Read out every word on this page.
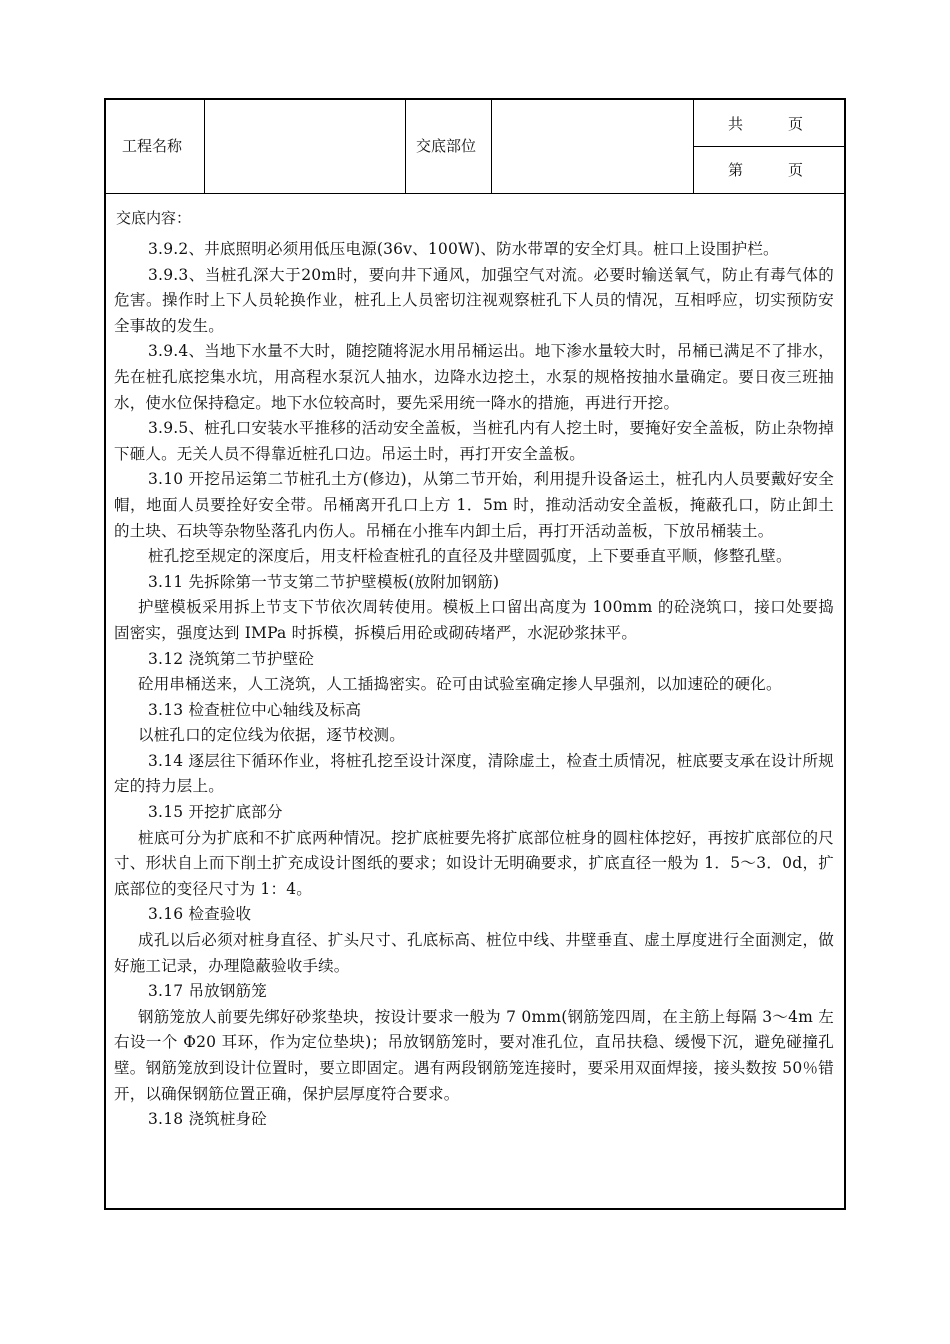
工程名称	交底部位
共　　　页
第　　　页
交底内容：

3.9.2、井底照明必须用低压电源(36v、100W)、防水带罩的安全灯具。桩口上设围护栏。

3.9.3、当桩孔深大于20m时，要向井下通风，加强空气对流。必要时输送氧气，防止有毒气体的危害。操作时上下人员轮换作业，桩孔上人员密切注视观察桩孔下人员的情况，互相呼应，切实预防安全事故的发生。

3.9.4、当地下水量不大时，随挖随将泥水用吊桶运出。地下渗水量较大时，吊桶已满足不了排水，先在桩孔底挖集水坑，用高程水泵沉人抽水，边降水边挖土，水泵的规格按抽水量确定。要日夜三班抽水，使水位保持稳定。地下水位较高时，要先采用统一降水的措施，再进行开挖。

3.9.5、桩孔口安装水平推移的活动安全盖板，当桩孔内有人挖土时，要掩好安全盖板，防止杂物掉下砸人。无关人员不得靠近桩孔口边。吊运土时，再打开安全盖板。

3.10 开挖吊运第二节桩孔土方(修边)，从第二节开始，利用提升设备运土，桩孔内人员要戴好安全帽，地面人员要拴好安全带。吊桶离开孔口上方 1．5m 时，推动活动安全盖板，掩蔽孔口，防止卸土的土块、石块等杂物坠落孔内伤人。吊桶在小推车内卸土后，再打开活动盖板，下放吊桶装土。

桩孔挖至规定的深度后，用支杆检查桩孔的直径及井壁圆弧度，上下要垂直平顺，修整孔壁。

3.11 先拆除第一节支第二节护壁模板(放附加钢筋)

护壁模板采用拆上节支下节依次周转使用。模板上口留出高度为 100mm 的砼浇筑口，接口处要捣固密实，强度达到 IMPa 时拆模，拆模后用砼或砌砖堵严，水泥砂浆抹平。

3.12 浇筑第二节护壁砼

砼用串桶送来，人工浇筑，人工插捣密实。砼可由试验室确定掺人早强剂，以加速砼的硬化。

3.13 检查桩位中心轴线及标高

以桩孔口的定位线为依据，逐节校测。

3.14 逐层往下循环作业，将桩孔挖至设计深度，清除虚土，检查土质情况，桩底要支承在设计所规定的持力层上。

3.15 开挖扩底部分

桩底可分为扩底和不扩底两种情况。挖扩底桩要先将扩底部位桩身的圆柱体挖好，再按扩底部位的尺寸、形状自上而下削土扩充成设计图纸的要求；如设计无明确要求，扩底直径一般为 1．5～3．0d，扩底部位的变径尺寸为 1：4。

3.16 检查验收

成孔以后必须对桩身直径、扩头尺寸、孔底标高、桩位中线、井壁垂直、虚土厚度进行全面测定，做好施工记录，办理隐蔽验收手续。

3.17 吊放钢筋笼

钢筋笼放人前要先绑好砂浆垫块，按设计要求一般为 7 0mm(钢筋笼四周，在主筋上每隔 3～4m 左右设一个 Φ20 耳环，作为定位垫块)；吊放钢筋笼时，要对准孔位，直吊扶稳、缓慢下沉，避免碰撞孔壁。钢筋笼放到设计位置时，要立即固定。遇有两段钢筋笼连接时，要采用双面焊接，接头数按 50％错开，以确保钢筋位置正确，保护层厚度符合要求。

3.18 浇筑桩身砼
